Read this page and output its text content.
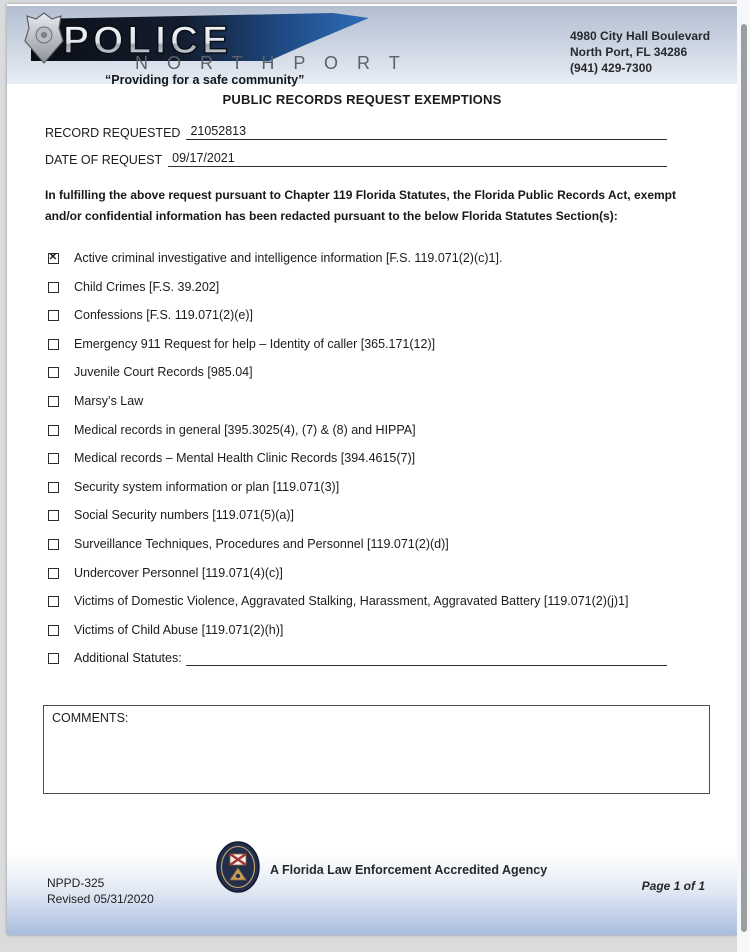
POLICE
N O R T H P O R T
“Providing for a safe community”
4980 City Hall Boulevard
North Port, FL 34286
(941) 429-7300
PUBLIC RECORDS REQUEST EXEMPTIONS
RECORD REQUESTED 21052813
DATE OF REQUEST 09/17/2021
In fulfilling the above request pursuant to Chapter 119 Florida Statutes, the Florida Public Records Act, exempt and/or confidential information has been redacted pursuant to the below Florida Statutes Section(s):
✕
Active criminal investigative and intelligence information [F.S. 119.071(2)(c)1].
Child Crimes [F.S. 39.202]
Confessions [F.S. 119.071(2)(e)]
Emergency 911 Request for help – Identity of caller [365.171(12)]
Juvenile Court Records [985.04]
Marsy’s Law
Medical records in general [395.3025(4), (7) & (8) and HIPPA]
Medical records – Mental Health Clinic Records [394.4615(7)]
Security system information or plan [119.071(3)]
Social Security numbers [119.071(5)(a)]
Surveillance Techniques, Procedures and Personnel [119.071(2)(d)]
Undercover Personnel [119.071(4)(c)]
Victims of Domestic Violence, Aggravated Stalking, Harassment, Aggravated Battery [119.071(2)(j)1]
Victims of Child Abuse [119.071(2)(h)]
Additional Statutes:
COMMENTS:
A Florida Law Enforcement Accredited Agency
NPPD-325
Revised 05/31/2020
Page 1 of 1
